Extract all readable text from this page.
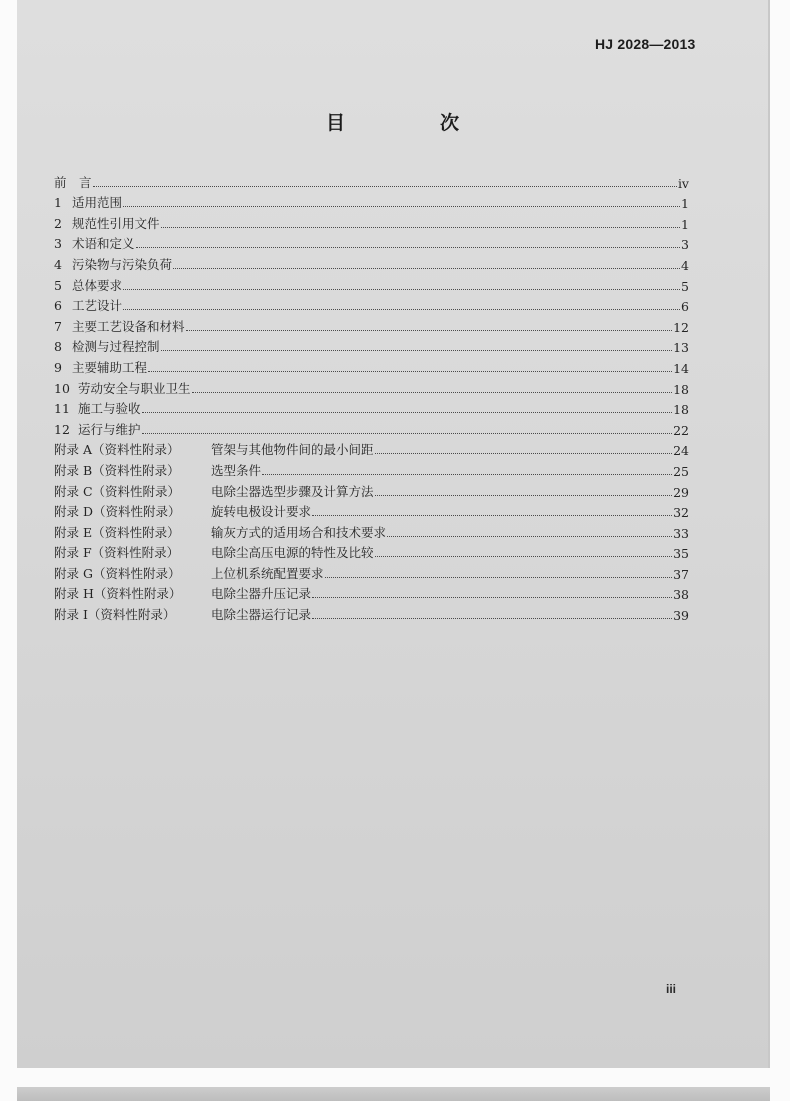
HJ 2028—2013
目　次
前　言	iv
1 适用范围	1
2 规范性引用文件	1
3 术语和定义	3
4 污染物与污染负荷	4
5 总体要求	5
6 工艺设计	6
7 主要工艺设备和材料	12
8 检测与过程控制	13
9 主要辅助工程	14
10 劳动安全与职业卫生	18
11 施工与验收	18
12 运行与维护	22
附录 A（资料性附录）	管架与其他物件间的最小间距	24
附录 B（资料性附录）	选型条件	25
附录 C（资料性附录） 电除尘器选型步骤及计算方法	29
附录 D（资料性附录） 旋转电极设计要求	32
附录 E（资料性附录）	输灰方式的适用场合和技术要求	33
附录 F（资料性附录）	电除尘高压电源的特性及比较	35
附录 G（资料性附录） 上位机系统配置要求	37
附录 H（资料性附录） 电除尘器升压记录	38
附录 I（资料性附录）	电除尘器运行记录	39
iii
